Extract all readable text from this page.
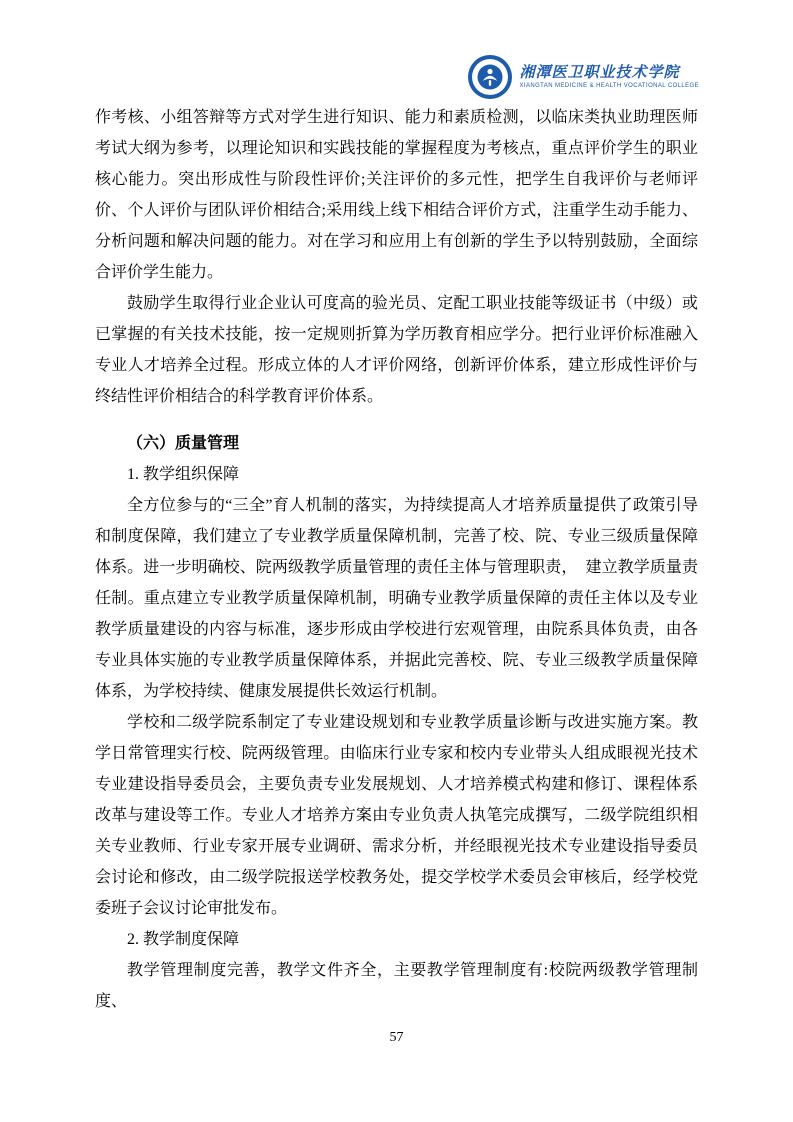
湘潭医卫职业技术学院
XIANGTAN MEDICINE & HEALTH VOCATIONAL COLLEGE

作考核、小组答辩等方式对学生进行知识、能力和素质检测，以临床类执业助理医师考试大纲为参考，以理论知识和实践技能的掌握程度为考核点，重点评价学生的职业核心能力。突出形成性与阶段性评价;关注评价的多元性，把学生自我评价与老师评价、个人评价与团队评价相结合;采用线上线下相结合评价方式，注重学生动手能力、分析问题和解决问题的能力。对在学习和应用上有创新的学生予以特别鼓励，全面综合评价学生能力。

鼓励学生取得行业企业认可度高的验光员、定配工职业技能等级证书（中级）或已掌握的有关技术技能，按一定规则折算为学历教育相应学分。把行业评价标准融入专业人才培养全过程。形成立体的人才评价网络，创新评价体系，建立形成性评价与终结性评价相结合的科学教育评价体系。

（六）质量管理

1. 教学组织保障

全方位参与的“三全”育人机制的落实，为持续提高人才培养质量提供了政策引导和制度保障，我们建立了专业教学质量保障机制，完善了校、院、专业三级质量保障体系。进一步明确校、院两级教学质量管理的责任主体与管理职责，　建立教学质量责任制。重点建立专业教学质量保障机制，明确专业教学质量保障的责任主体以及专业教学质量建设的内容与标准，逐步形成由学校进行宏观管理，由院系具体负责，由各专业具体实施的专业教学质量保障体系，并据此完善校、院、专业三级教学质量保障体系，为学校持续、健康发展提供长效运行机制。

学校和二级学院系制定了专业建设规划和专业教学质量诊断与改进实施方案。教学日常管理实行校、院两级管理。由临床行业专家和校内专业带头人组成眼视光技术专业建设指导委员会，主要负责专业发展规划、人才培养模式构建和修订、课程体系改革与建设等工作。专业人才培养方案由专业负责人执笔完成撰写，二级学院组织相关专业教师、行业专家开展专业调研、需求分析，并经眼视光技术专业建设指导委员会讨论和修改，由二级学院报送学校教务处，提交学校学术委员会审核后，经学校党委班子会议讨论审批发布。

2. 教学制度保障

教学管理制度完善，教学文件齐全，主要教学管理制度有:校院两级教学管理制度、

57
